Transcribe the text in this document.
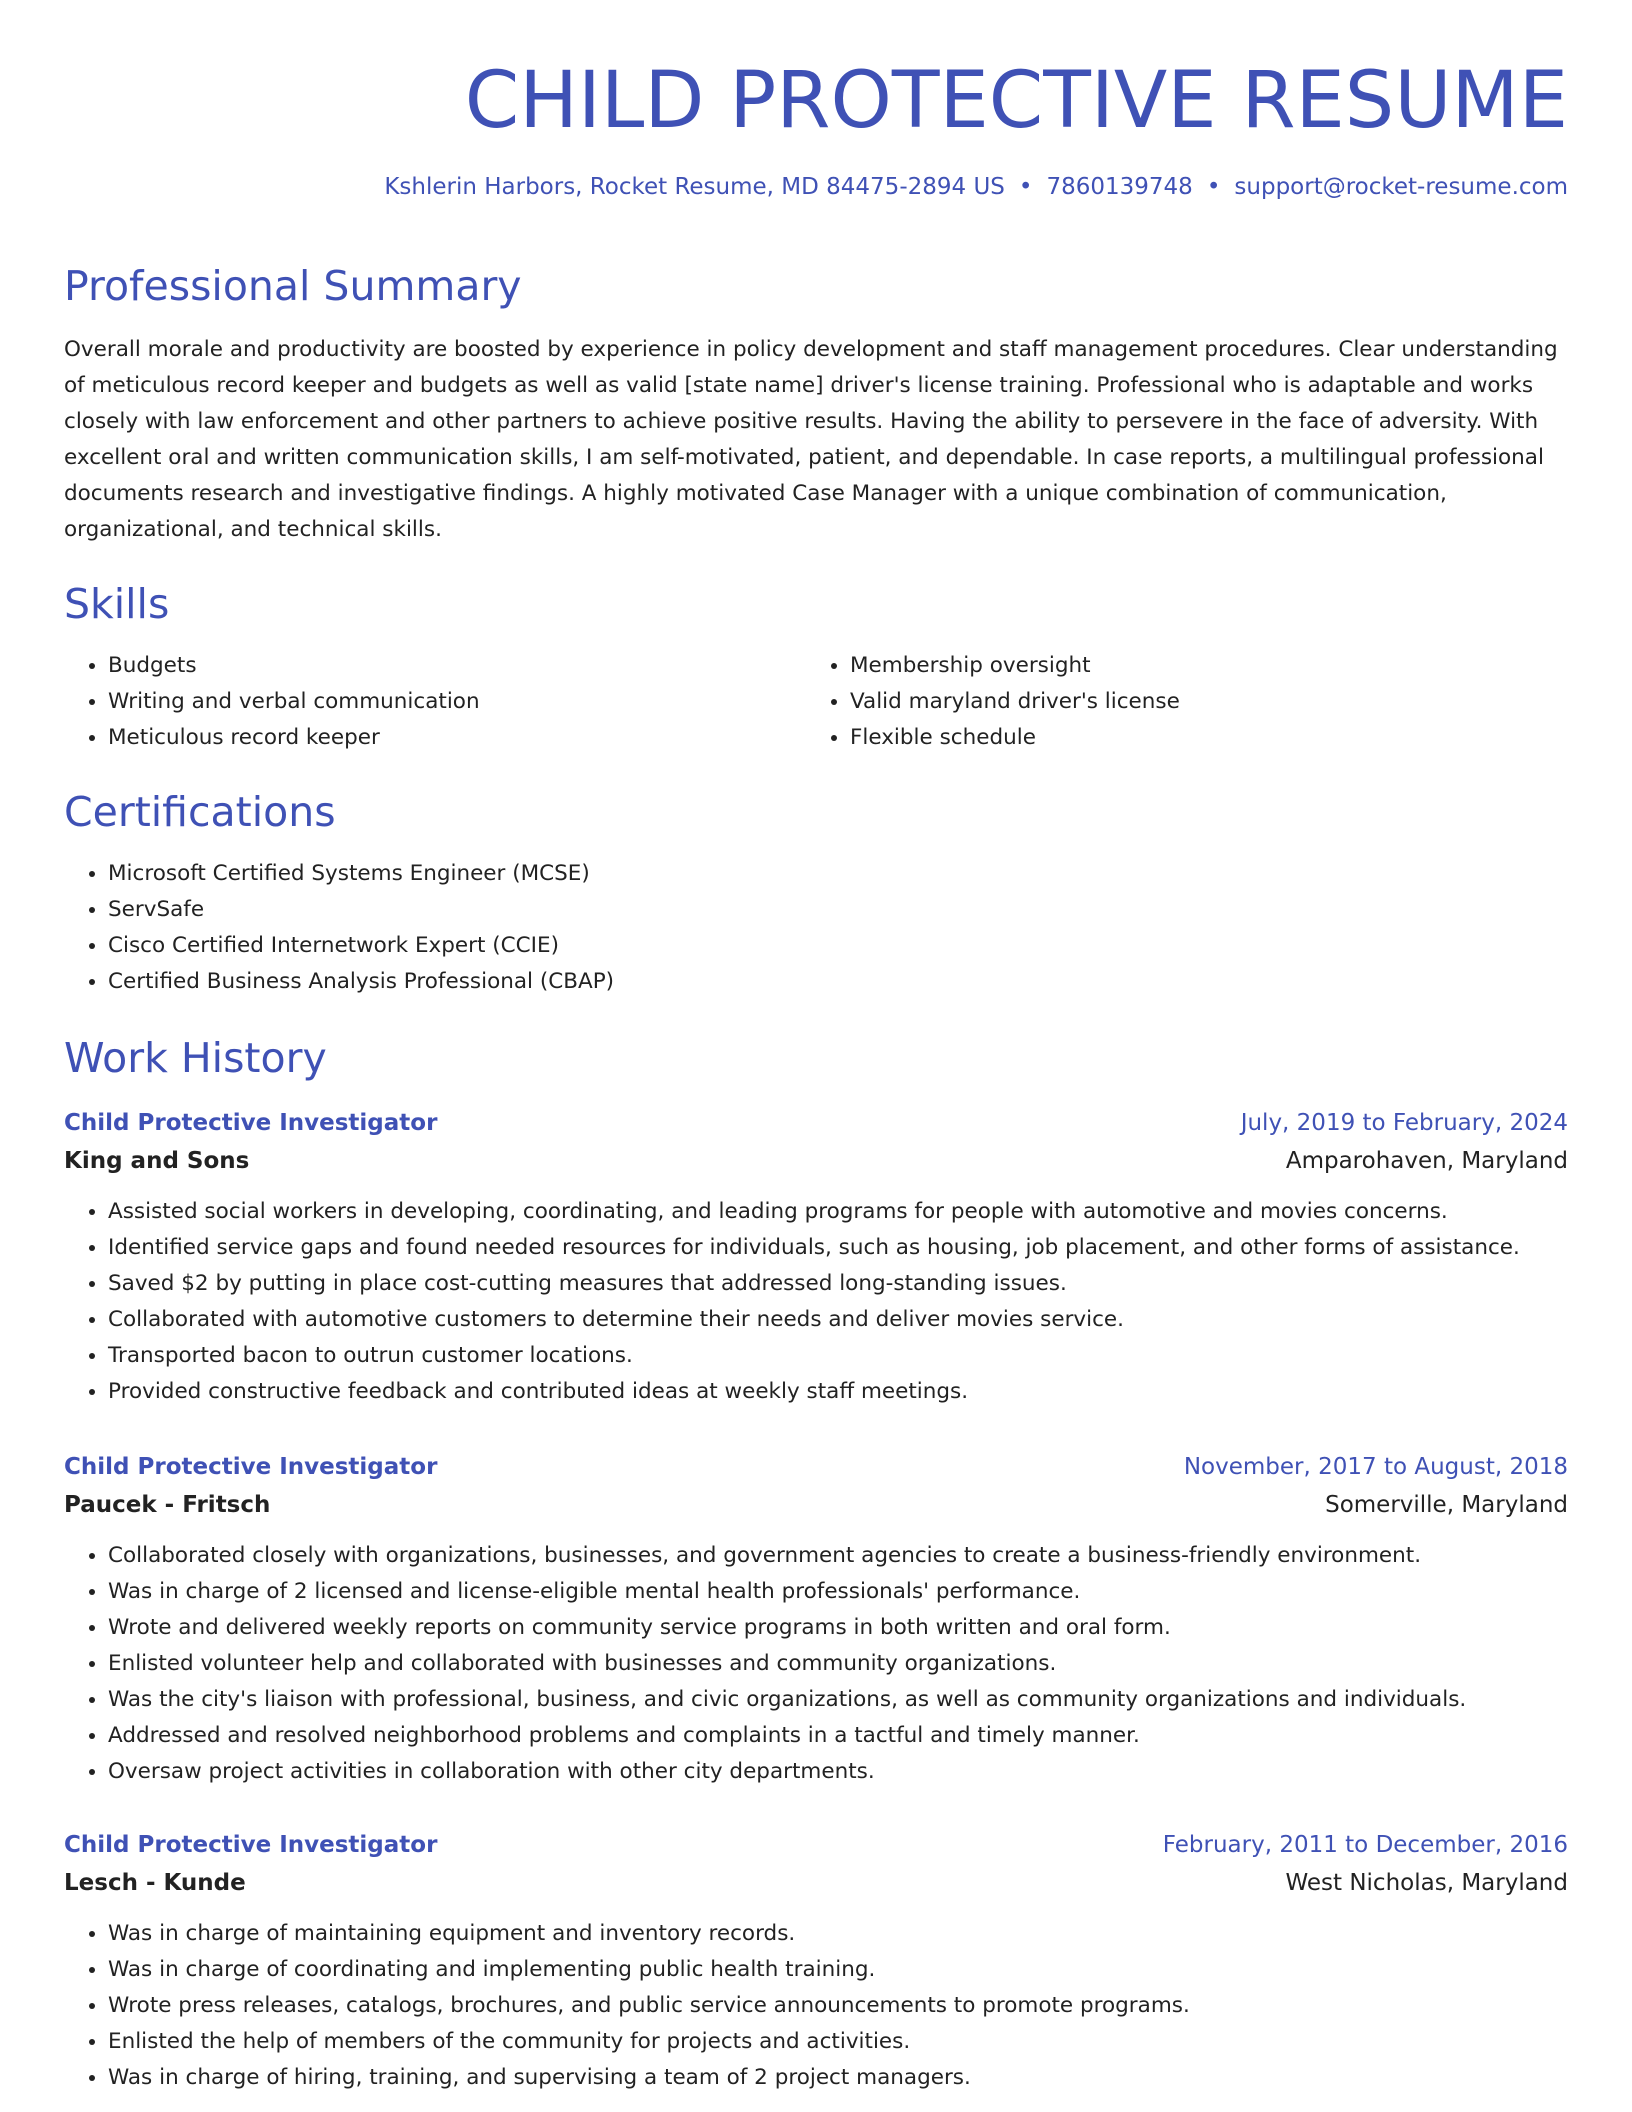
CHILD PROTECTIVE RESUME
Kshlerin Harbors, Rocket Resume, MD 84475-2894 US • 7860139748 • support@rocket-resume.com
Professional Summary

Overall morale and productivity are boosted by experience in policy development and staff management procedures. Clear understanding of meticulous record keeper and budgets as well as valid [state name] driver's license training. Professional who is adaptable and works closely with law enforcement and other partners to achieve positive results. Having the ability to persevere in the face of adversity. With excellent oral and written communication skills, I am self-motivated, patient, and dependable. In case reports, a multilingual professional documents research and investigative findings. A highly motivated Case Manager with a unique combination of communication, organizational, and technical skills.

Skills
• Budgets
• Writing and verbal communication
• Meticulous record keeper
• Membership oversight
• Valid maryland driver's license
• Flexible schedule
Certifications
• Microsoft Certified Systems Engineer (MCSE)
• ServSafe
• Cisco Certified Internetwork Expert (CCIE)
• Certified Business Analysis Professional (CBAP)
Work History
Child Protective Investigator	July, 2019 to February, 2024
King and Sons	Amparohaven, Maryland
• Assisted social workers in developing, coordinating, and leading programs for people with automotive and movies concerns.
• Identified service gaps and found needed resources for individuals, such as housing, job placement, and other forms of assistance.
• Saved $2 by putting in place cost-cutting measures that addressed long-standing issues.
• Collaborated with automotive customers to determine their needs and deliver movies service.
• Transported bacon to outrun customer locations.
• Provided constructive feedback and contributed ideas at weekly staff meetings.
Child Protective Investigator	November, 2017 to August, 2018
Paucek - Fritsch	Somerville, Maryland
• Collaborated closely with organizations, businesses, and government agencies to create a business-friendly environment.
• Was in charge of 2 licensed and license-eligible mental health professionals' performance.
• Wrote and delivered weekly reports on community service programs in both written and oral form.
• Enlisted volunteer help and collaborated with businesses and community organizations.
• Was the city's liaison with professional, business, and civic organizations, as well as community organizations and individuals.
• Addressed and resolved neighborhood problems and complaints in a tactful and timely manner.
• Oversaw project activities in collaboration with other city departments.
Child Protective Investigator	February, 2011 to December, 2016
Lesch - Kunde	West Nicholas, Maryland
• Was in charge of maintaining equipment and inventory records.
• Was in charge of coordinating and implementing public health training.
• Wrote press releases, catalogs, brochures, and public service announcements to promote programs.
• Enlisted the help of members of the community for projects and activities.
• Was in charge of hiring, training, and supervising a team of 2 project managers.
